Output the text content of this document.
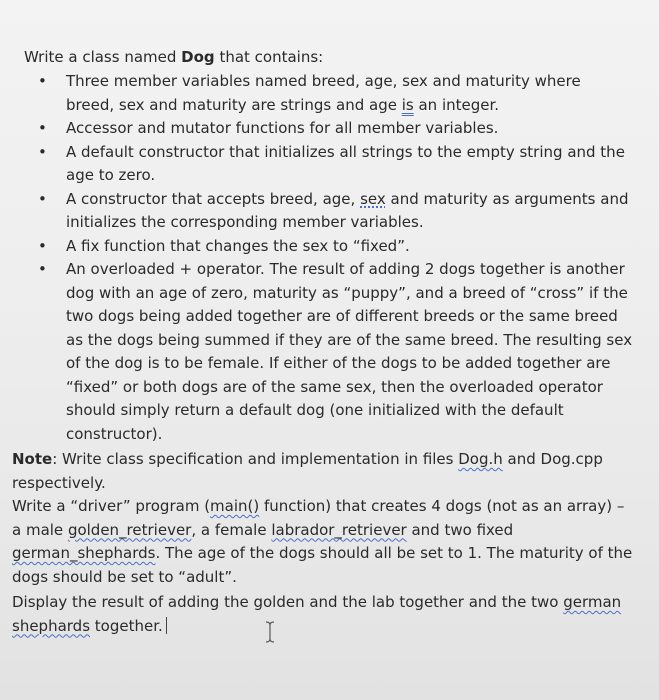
Write a class named Dog that contains:

• Three member variables named breed, age, sex and maturity where breed, sex and maturity are strings and age is an integer.
• Accessor and mutator functions for all member variables.
• A default constructor that initializes all strings to the empty string and the age to zero.
• A constructor that accepts breed, age, sex and maturity as arguments and initializes the corresponding member variables.
• A fix function that changes the sex to “fixed”.
• An overloaded + operator. The result of adding 2 dogs together is another dog with an age of zero, maturity as “puppy”, and a breed of “cross” if the two dogs being added together are of different breeds or the same breed as the dogs being summed if they are of the same breed. The resulting sex of the dog is to be female. If either of the dogs to be added together are “fixed” or both dogs are of the same sex, then the overloaded operator should simply return a default dog (one initialized with the default constructor).

Note: Write class specification and implementation in files Dog.h and Dog.cpp respectively.

Write a “driver” program (main() function) that creates 4 dogs (not as an array) – a male golden_retriever, a female labrador_retriever and two fixed german_shephards. The age of the dogs should all be set to 1. The maturity of the dogs should be set to “adult”.

Display the result of adding the golden and the lab together and the two german shephards together.
